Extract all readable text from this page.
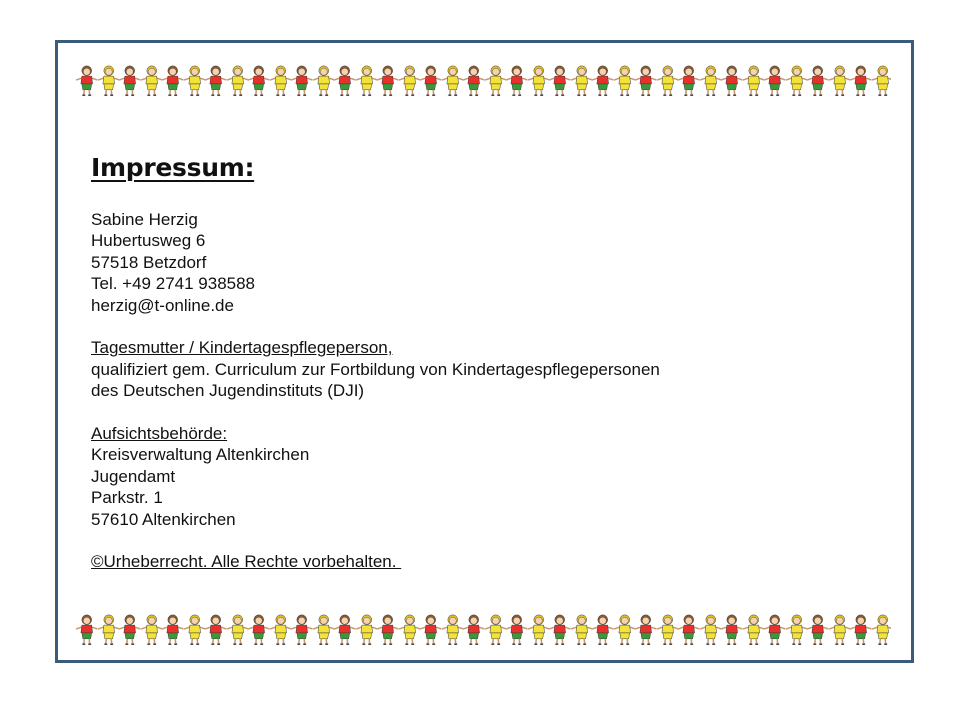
Impressum:
Sabine Herzig
Hubertusweg 6
57518 Betzdorf
Tel. +49 2741 938588
herzig@t-online.de
Tagesmutter / Kindertagespflegeperson,
qualifiziert gem. Curriculum zur Fortbildung von Kindertagespflegepersonen
des Deutschen Jugendinstituts (DJI)
Aufsichtsbehörde:
Kreisverwaltung Altenkirchen
Jugendamt
Parkstr. 1
57610 Altenkirchen
©Urheberrecht. Alle Rechte vorbehalten.
